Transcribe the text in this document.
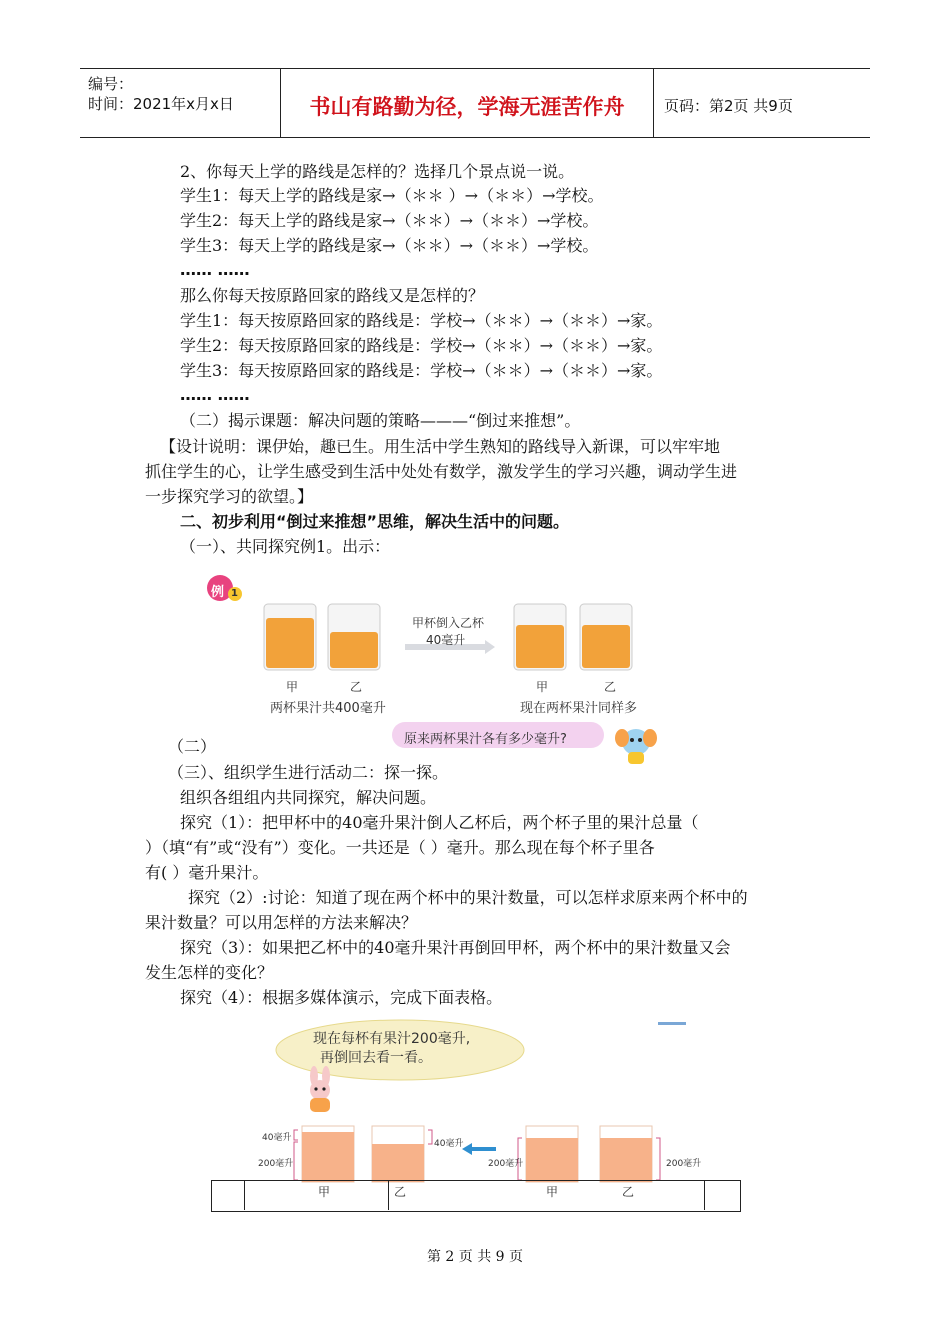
编号：
时间：2021年x月x日	书山有路勤为径，学海无涯苦作舟	页码：第2页 共9页
2、你每天上学的路线是怎样的？选择几个景点说一说。
学生1：每天上学的路线是家→（＊＊ ）→（＊＊）→学校。
学生2：每天上学的路线是家→（＊＊）→（＊＊）→学校。
学生3：每天上学的路线是家→（＊＊）→（＊＊）→学校。
…… ……
那么你每天按原路回家的路线又是怎样的？
学生1：每天按原路回家的路线是：学校→（＊＊）→（＊＊）→家。
学生2：每天按原路回家的路线是：学校→（＊＊）→（＊＊）→家。
学生3：每天按原路回家的路线是：学校→（＊＊）→（＊＊）→家。
…… ……
（二）揭示课题：解决问题的策略———“倒过来推想”。
【设计说明：课伊始，趣已生。用生活中学生熟知的路线导入新课，可以牢牢地
抓住学生的心，让学生感受到生活中处处有数学，激发学生的学习兴趣，调动学生进
一步探究学习的欲望。】
二、初步利用“倒过来推想”思维，解决生活中的问题。
（一）、共同探究例1。出示：
例 1
甲杯倒入乙杯
40毫升
甲	乙
两杯果汁共400毫升
甲	乙
现在两杯果汁同样多
原来两杯果汁各有多少毫升?
（二）
（三）、组织学生进行活动二：探一探。
组织各组组内共同探究，解决问题。
探究（1）：把甲杯中的40毫升果汁倒人乙杯后，两个杯子里的果汁总量（
）（填“有”或“没有”）变化。一共还是（ ）毫升。那么现在每个杯子里各
有( ）毫升果汁。
探究（2）:讨论：知道了现在两个杯中的果汁数量，可以怎样求原来两个杯中的
果汁数量？可以用怎样的方法来解决？
探究（3）：如果把乙杯中的40毫升果汁再倒回甲杯，两个杯中的果汁数量又会
发生怎样的变化？
探究（4）：根据多媒体演示，完成下面表格。
现在每杯有果汁200毫升,
再倒回去看一看。
40毫升
200毫升
40毫升
200毫升	200毫升
甲	乙	甲	乙
第 2 页 共 9 页
